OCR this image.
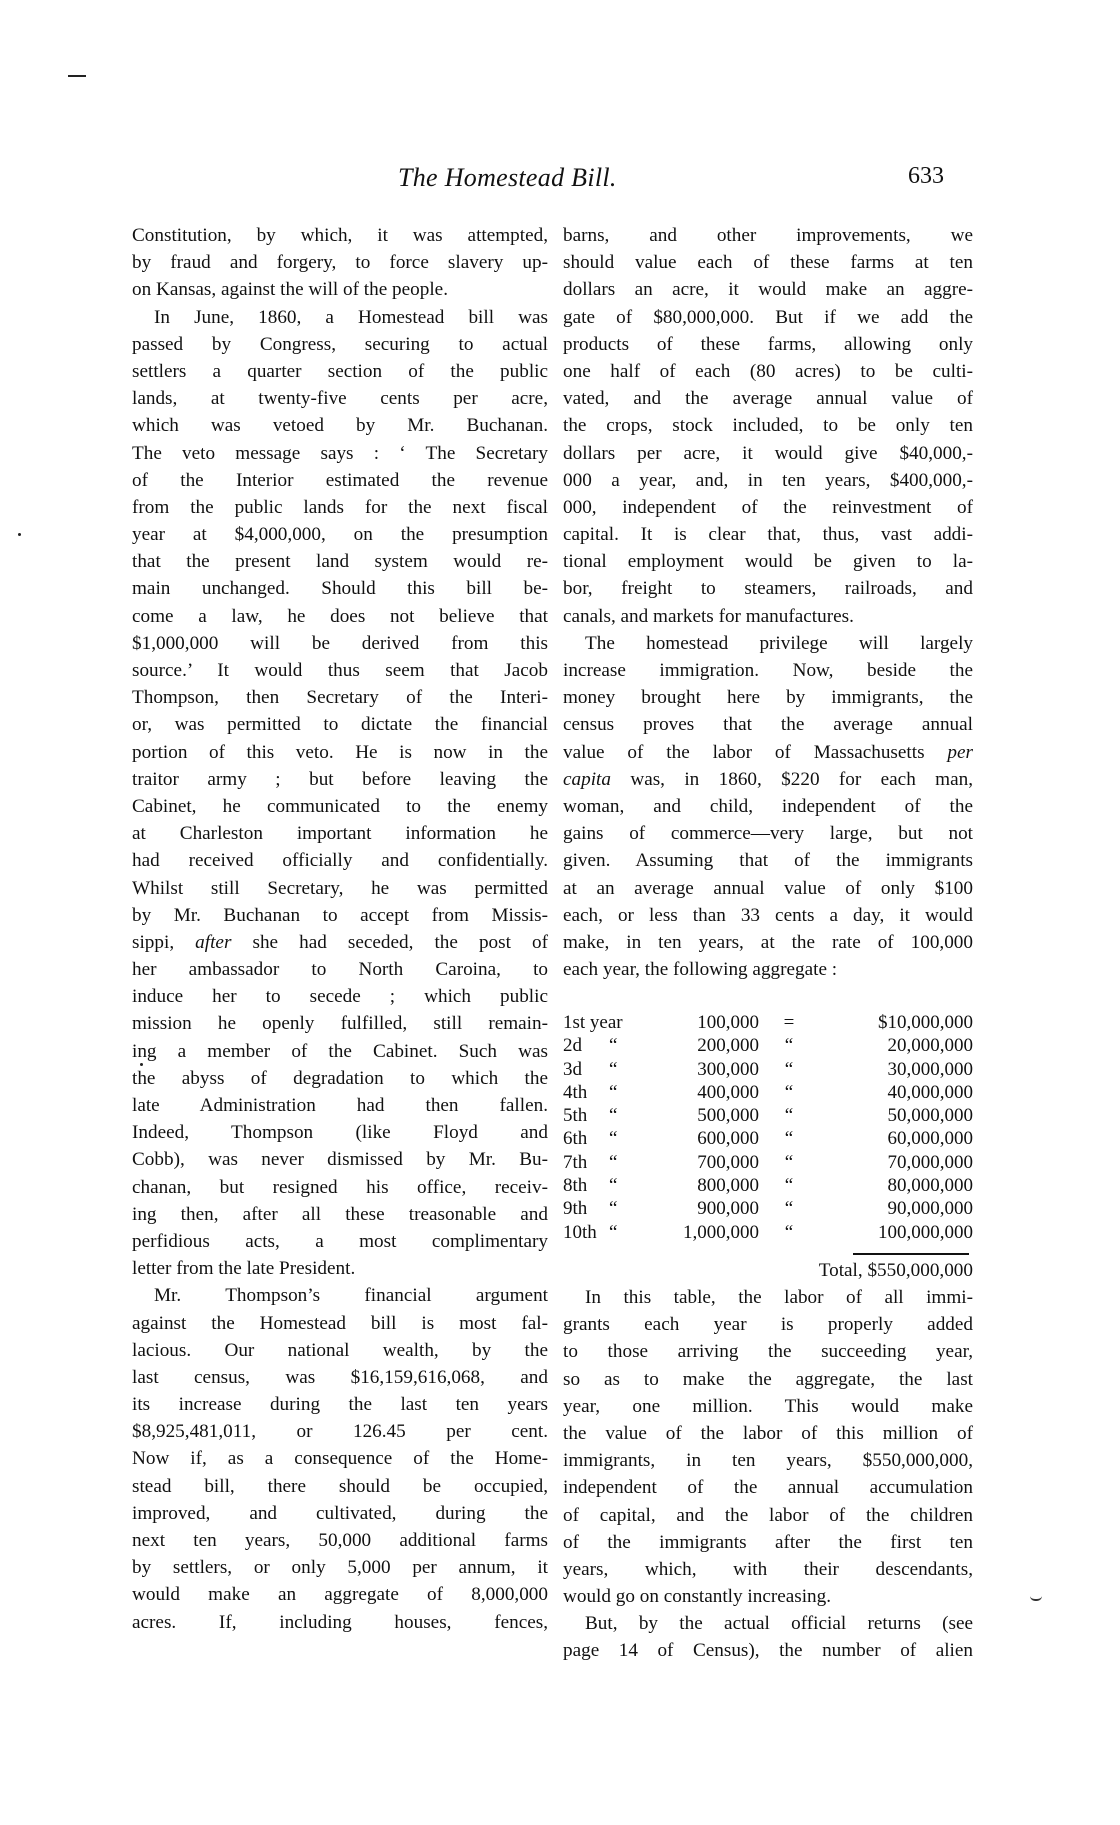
The Homestead Bill.	633
Constitution, by which, it was attempted,
by fraud and forgery, to force slavery up-
on Kansas, against the will of the people.
In June, 1860, a Homestead bill was
passed by Congress, securing to actual
settlers a quarter section of the public
lands, at twenty-five cents per acre,
which was vetoed by Mr. Buchanan.
The veto message says : ‘ The Secretary
of the Interior estimated the revenue
from the public lands for the next fiscal
year at $4,000,000, on the presumption
that the present land system would re-
main unchanged. Should this bill be-
come a law, he does not believe that
$1,000,000 will be derived from this
source.’ It would thus seem that Jacob
Thompson, then Secretary of the Interi-
or, was permitted to dictate the financial
portion of this veto. He is now in the
traitor army ; but before leaving the
Cabinet, he communicated to the enemy
at Charleston important information he
had received officially and confidentially.
Whilst still Secretary, he was permitted
by Mr. Buchanan to accept from Missis-
sippi, after she had seceded, the post of
her ambassador to North Caroina, to
induce her to secede ; which public
mission he openly fulfilled, still remain-
ing a member of the Cabinet. Such was
the abyss of degradation to which the
late Administration had then fallen.
Indeed, Thompson (like Floyd and
Cobb), was never dismissed by Mr. Bu-
chanan, but resigned his office, receiv-
ing then, after all these treasonable and
perfidious acts, a most complimentary
letter from the late President.
Mr. Thompson’s financial argument
against the Homestead bill is most fal-
lacious. Our national wealth, by the
last census, was $16,159,616,068, and
its increase during the last ten years
$8,925,481,011, or 126.45 per cent.
Now if, as a consequence of the Home-
stead bill, there should be occupied,
improved, and cultivated, during the
next ten years, 50,000 additional farms
by settlers, or only 5,000 per annum, it
would make an aggregate of 8,000,000
acres. If, including houses, fences,
barns, and other improvements, we
should value each of these farms at ten
dollars an acre, it would make an aggre-
gate of $80,000,000. But if we add the
products of these farms, allowing only
one half of each (80 acres) to be culti-
vated, and the average annual value of
the crops, stock included, to be only ten
dollars per acre, it would give $40,000,-
000 a year, and, in ten years, $400,000,-
000, independent of the reinvestment of
capital. It is clear that, thus, vast addi-
tional employment would be given to la-
bor, freight to steamers, railroads, and
canals, and markets for manufactures.
The homestead privilege will largely
increase immigration. Now, beside the
money brought here by immigrants, the
census proves that the average annual
value of the labor of Massachusetts per
capita was, in 1860, $220 for each man,
woman, and child, independent of the
gains of commerce—very large, but not
given. Assuming that of the immigrants
at an average annual value of only $100
each, or less than 33 cents a day, it would
make, in ten years, at the rate of 100,000
each year, the following aggregate :
1st year		100,000	=	$10,000,000
2d	“	200,000	“	20,000,000
3d	“	300,000	“	30,000,000
4th	“	400,000	“	40,000,000
5th	“	500,000	“	50,000,000
6th	“	600,000	“	60,000,000
7th	“	700,000	“	70,000,000
8th	“	800,000	“	80,000,000
9th	“	900,000	“	90,000,000
10th	“	1,000,000	“	100,000,000
Total, $550,000,000
In this table, the labor of all immi-
grants each year is properly added
to those arriving the succeeding year,
so as to make the aggregate, the last
year, one million. This would make
the value of the labor of this million of
immigrants, in ten years, $550,000,000,
independent of the annual accumulation
of capital, and the labor of the children
of the immigrants after the first ten
years, which, with their descendants,
would go on constantly increasing.
But, by the actual official returns (see
page 14 of Census), the number of alien
